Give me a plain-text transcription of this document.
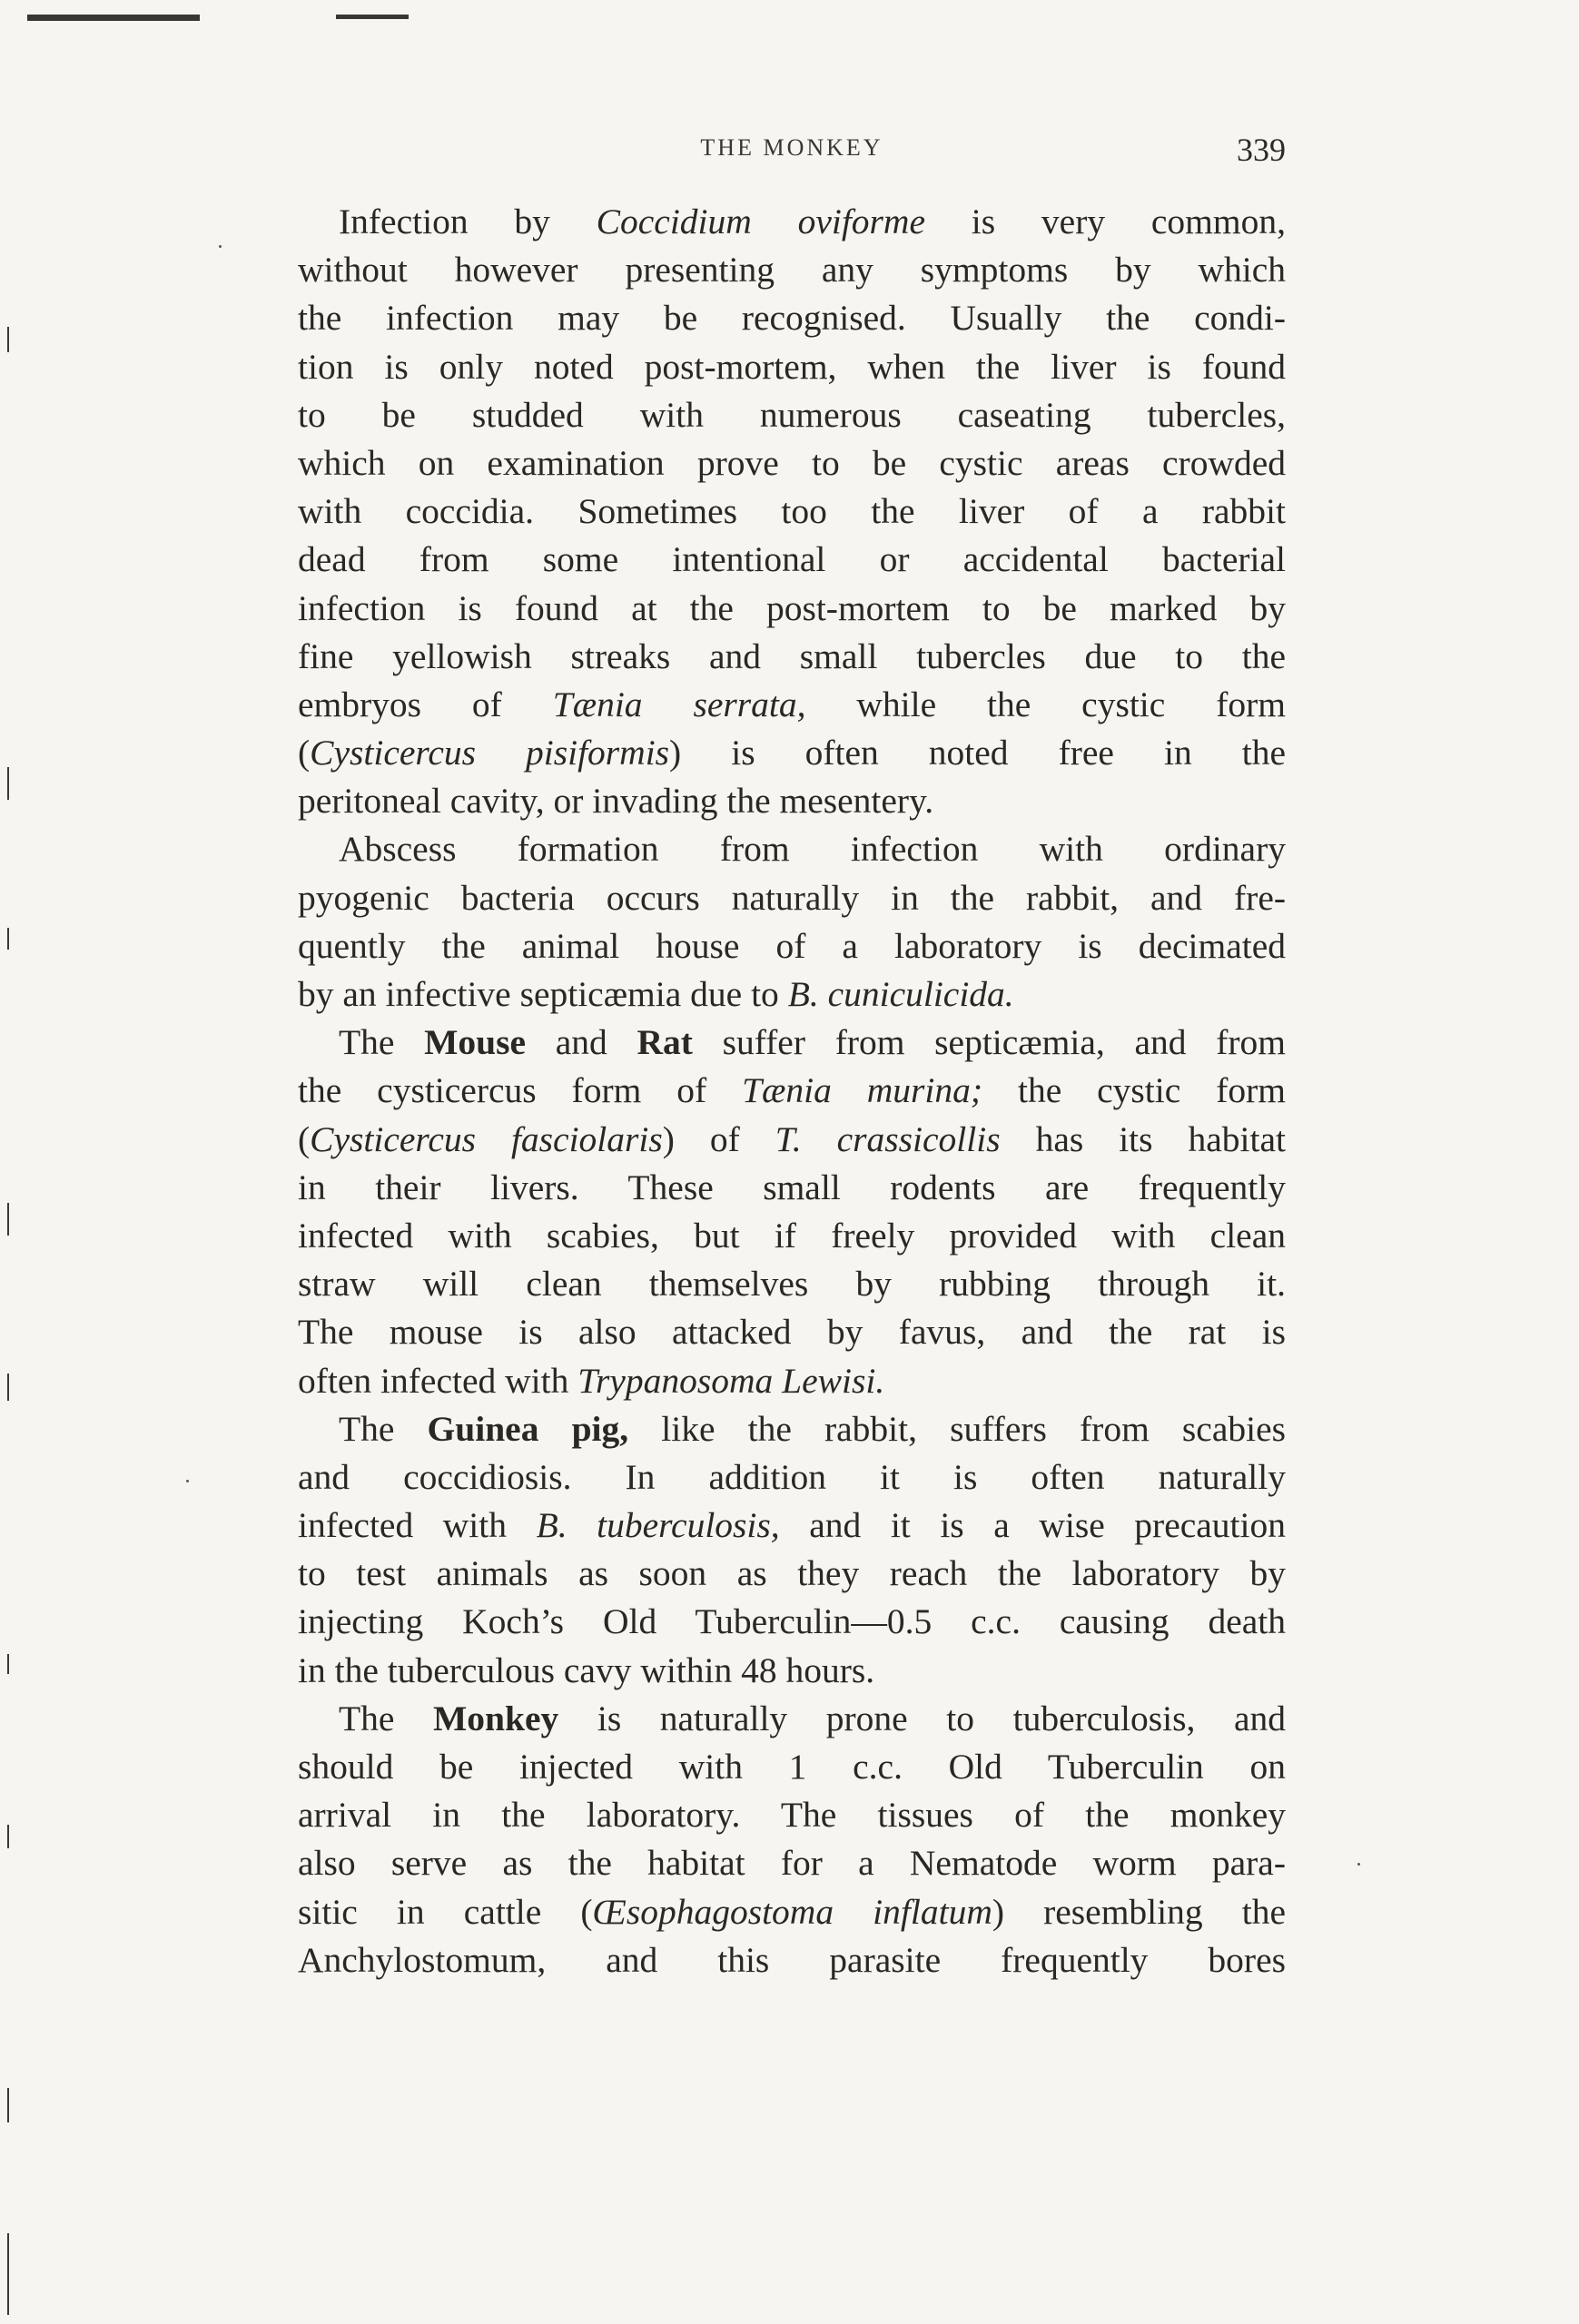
THE MONKEY	339
Infection by Coccidium oviforme is very common,
without however presenting any symptoms by which
the infection may be recognised. Usually the condi-
tion is only noted post-mortem, when the liver is found
to be studded with numerous caseating tubercles,
which on examination prove to be cystic areas crowded
with coccidia. Sometimes too the liver of a rabbit
dead from some intentional or accidental bacterial
infection is found at the post-mortem to be marked by
fine yellowish streaks and small tubercles due to the
embryos of Tænia serrata, while the cystic form
(Cysticercus pisiformis) is often noted free in the
peritoneal cavity, or invading the mesentery.
Abscess formation from infection with ordinary
pyogenic bacteria occurs naturally in the rabbit, and fre-
quently the animal house of a laboratory is decimated
by an infective septicæmia due to B. cuniculicida.
The Mouse and Rat suffer from septicæmia, and from
the cysticercus form of Tænia murina; the cystic form
(Cysticercus fasciolaris) of T. crassicollis has its habitat
in their livers. These small rodents are frequently
infected with scabies, but if freely provided with clean
straw will clean themselves by rubbing through it.
The mouse is also attacked by favus, and the rat is
often infected with Trypanosoma Lewisi.
The Guinea pig, like the rabbit, suffers from scabies
and coccidiosis. In addition it is often naturally
infected with B. tuberculosis, and it is a wise precaution
to test animals as soon as they reach the laboratory by
injecting Koch’s Old Tuberculin—0.5 c.c. causing death
in the tuberculous cavy within 48 hours.
The Monkey is naturally prone to tuberculosis, and
should be injected with 1 c.c. Old Tuberculin on
arrival in the laboratory. The tissues of the monkey
also serve as the habitat for a Nematode worm para-
sitic in cattle (Œsophagostoma inflatum) resembling the
Anchylostomum, and this parasite frequently bores
